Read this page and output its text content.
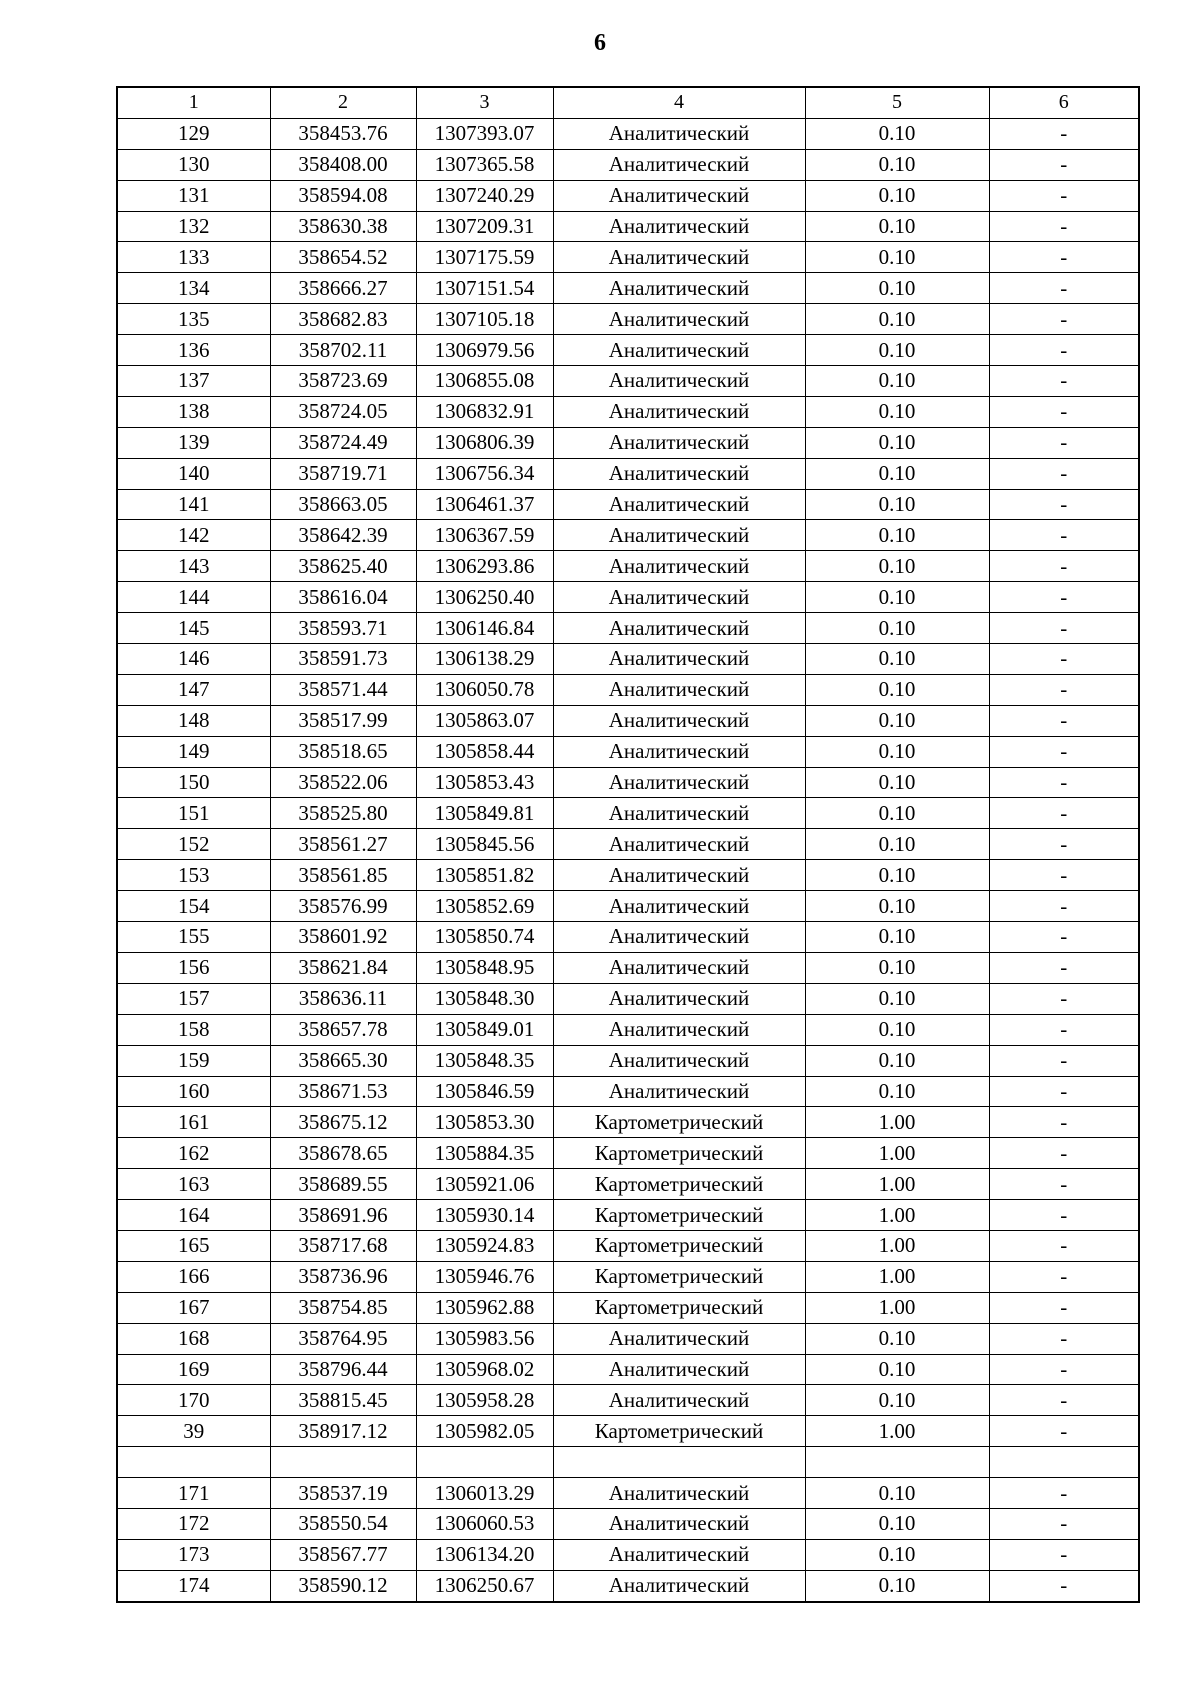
6
1	2	3	4	5	6
129	358453.76	1307393.07	Аналитический	0.10	-
130	358408.00	1307365.58	Аналитический	0.10	-
131	358594.08	1307240.29	Аналитический	0.10	-
132	358630.38	1307209.31	Аналитический	0.10	-
133	358654.52	1307175.59	Аналитический	0.10	-
134	358666.27	1307151.54	Аналитический	0.10	-
135	358682.83	1307105.18	Аналитический	0.10	-
136	358702.11	1306979.56	Аналитический	0.10	-
137	358723.69	1306855.08	Аналитический	0.10	-
138	358724.05	1306832.91	Аналитический	0.10	-
139	358724.49	1306806.39	Аналитический	0.10	-
140	358719.71	1306756.34	Аналитический	0.10	-
141	358663.05	1306461.37	Аналитический	0.10	-
142	358642.39	1306367.59	Аналитический	0.10	-
143	358625.40	1306293.86	Аналитический	0.10	-
144	358616.04	1306250.40	Аналитический	0.10	-
145	358593.71	1306146.84	Аналитический	0.10	-
146	358591.73	1306138.29	Аналитический	0.10	-
147	358571.44	1306050.78	Аналитический	0.10	-
148	358517.99	1305863.07	Аналитический	0.10	-
149	358518.65	1305858.44	Аналитический	0.10	-
150	358522.06	1305853.43	Аналитический	0.10	-
151	358525.80	1305849.81	Аналитический	0.10	-
152	358561.27	1305845.56	Аналитический	0.10	-
153	358561.85	1305851.82	Аналитический	0.10	-
154	358576.99	1305852.69	Аналитический	0.10	-
155	358601.92	1305850.74	Аналитический	0.10	-
156	358621.84	1305848.95	Аналитический	0.10	-
157	358636.11	1305848.30	Аналитический	0.10	-
158	358657.78	1305849.01	Аналитический	0.10	-
159	358665.30	1305848.35	Аналитический	0.10	-
160	358671.53	1305846.59	Аналитический	0.10	-
161	358675.12	1305853.30	Картометрический	1.00	-
162	358678.65	1305884.35	Картометрический	1.00	-
163	358689.55	1305921.06	Картометрический	1.00	-
164	358691.96	1305930.14	Картометрический	1.00	-
165	358717.68	1305924.83	Картометрический	1.00	-
166	358736.96	1305946.76	Картометрический	1.00	-
167	358754.85	1305962.88	Картометрический	1.00	-
168	358764.95	1305983.56	Аналитический	0.10	-
169	358796.44	1305968.02	Аналитический	0.10	-
170	358815.45	1305958.28	Аналитический	0.10	-
39	358917.12	1305982.05	Картометрический	1.00	-

171	358537.19	1306013.29	Аналитический	0.10	-
172	358550.54	1306060.53	Аналитический	0.10	-
173	358567.77	1306134.20	Аналитический	0.10	-
174	358590.12	1306250.67	Аналитический	0.10	-
